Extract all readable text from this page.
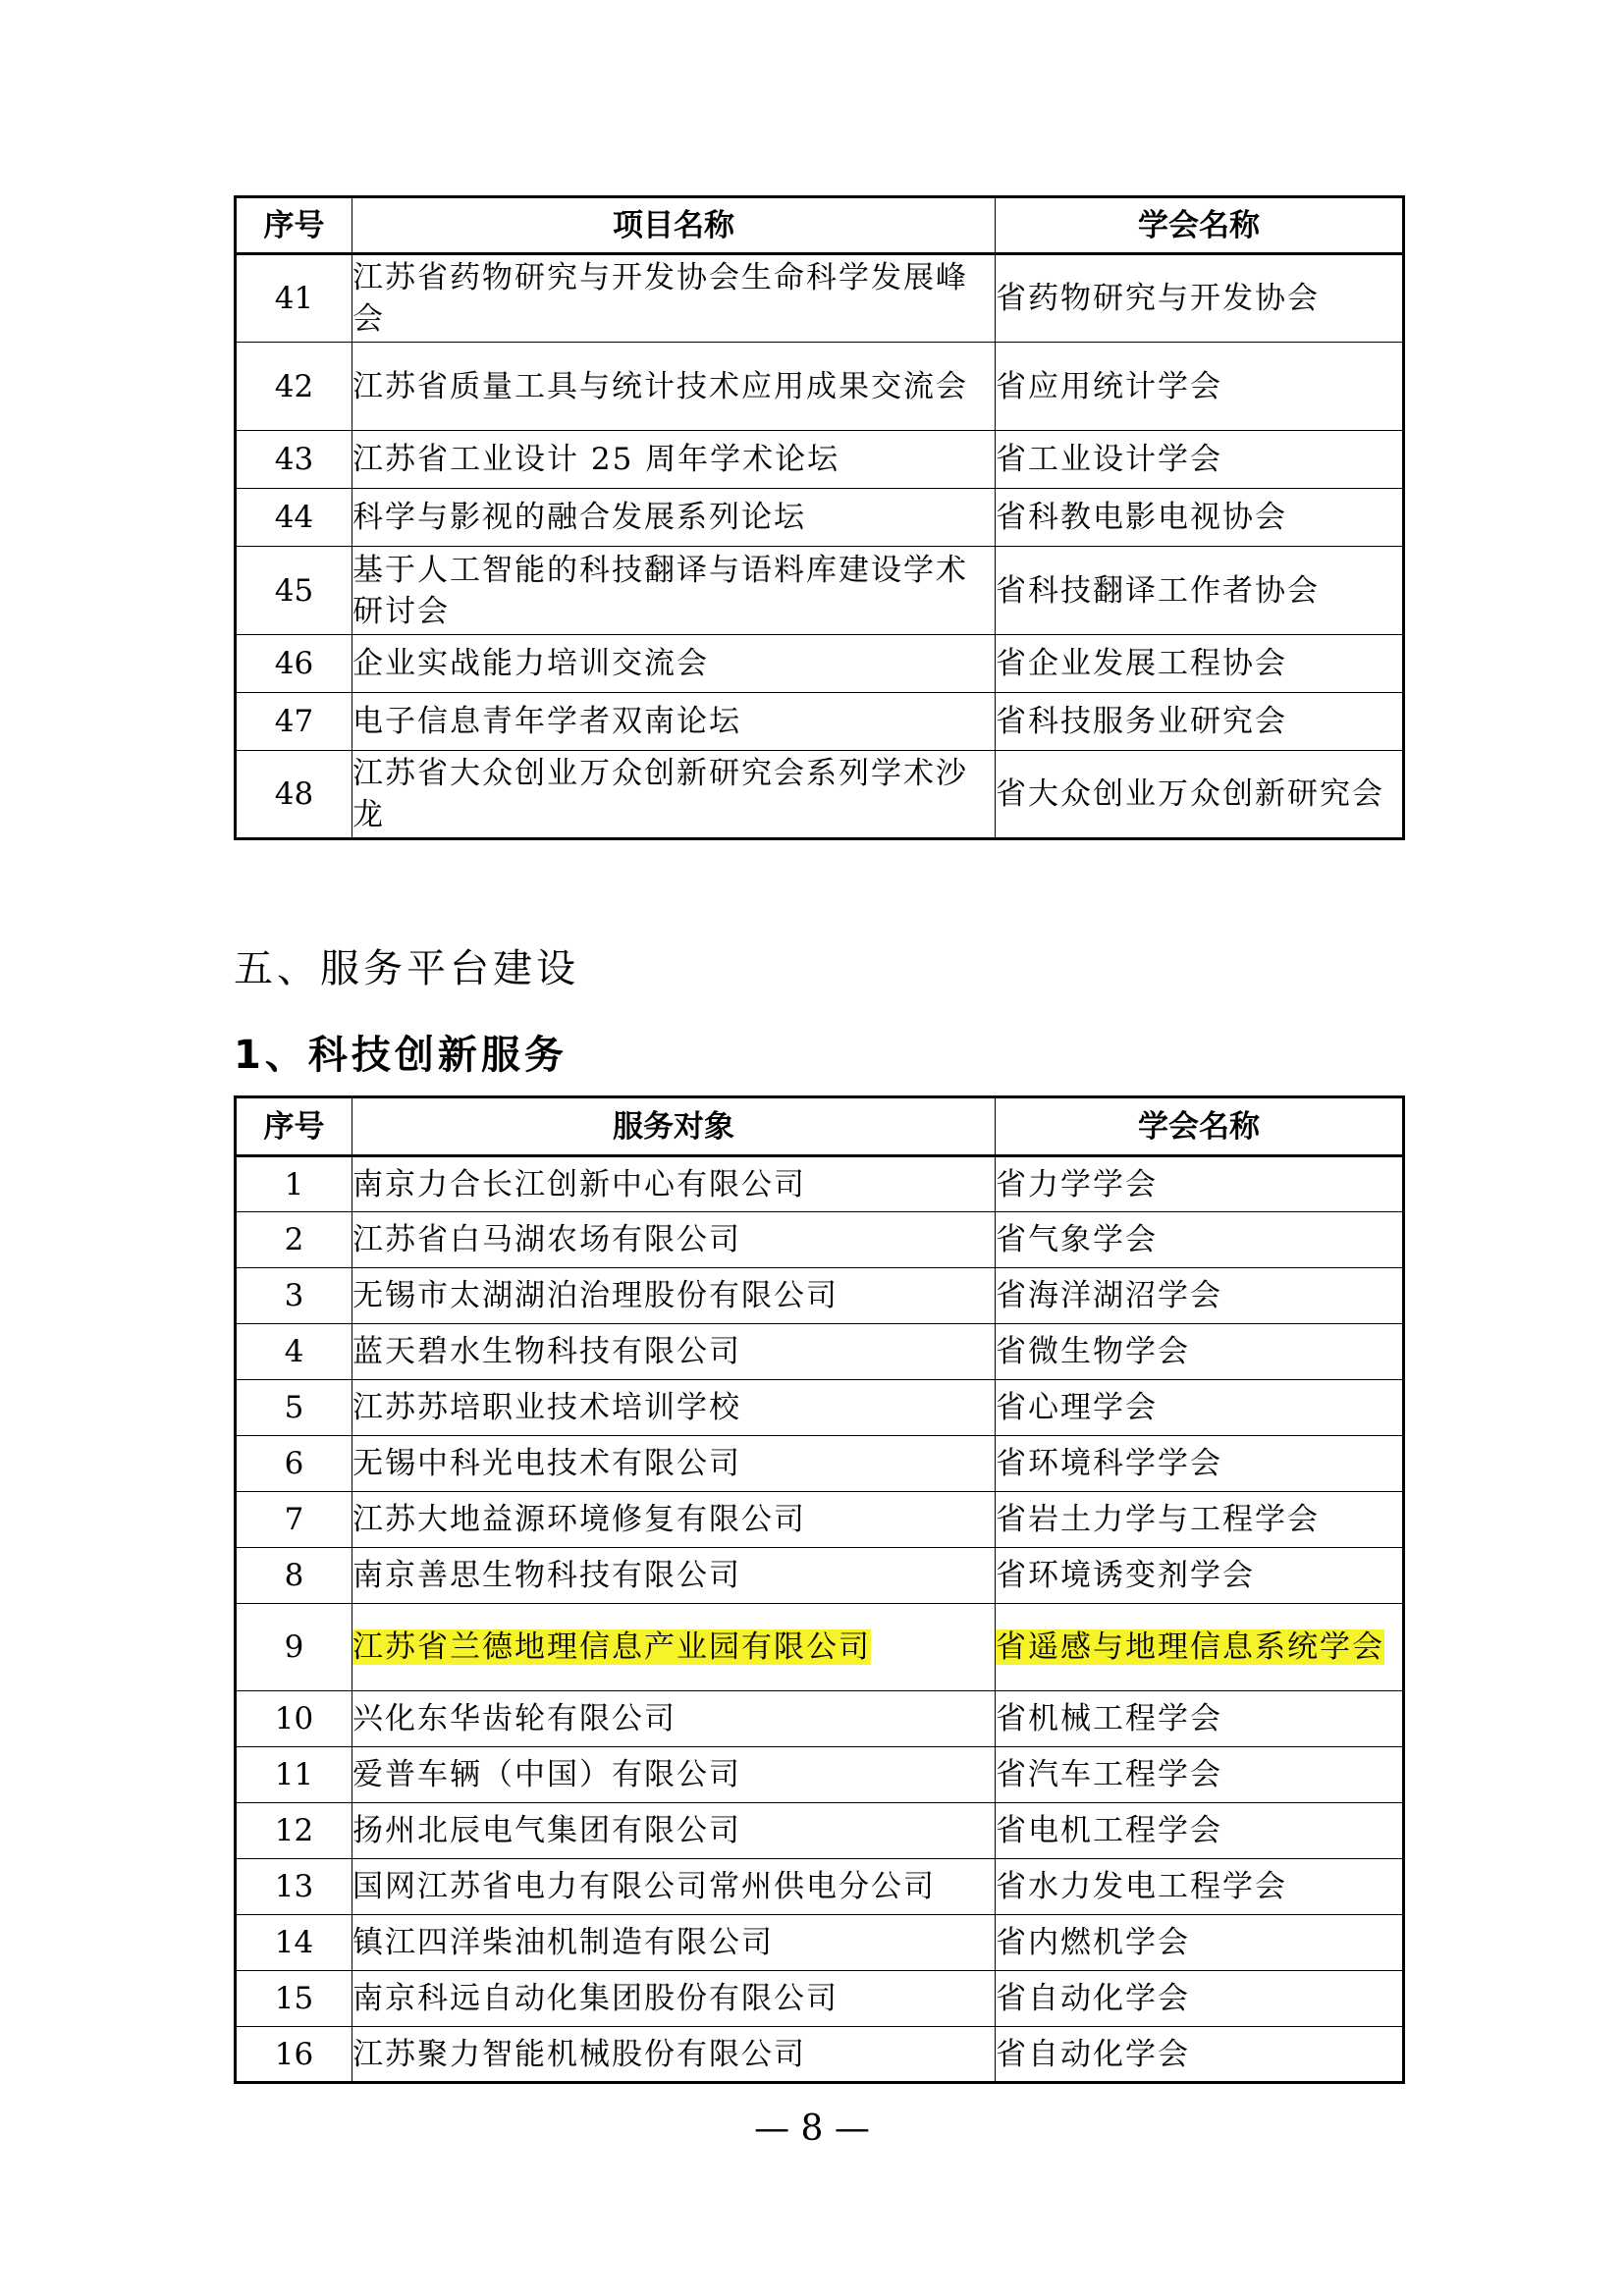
序号	项目名称	学会名称
41	江苏省药物研究与开发协会生命科学发展峰会	省药物研究与开发协会
42	江苏省质量工具与统计技术应用成果交流会	省应用统计学会
43	江苏省工业设计 25 周年学术论坛	省工业设计学会
44	科学与影视的融合发展系列论坛	省科教电影电视协会
45	基于人工智能的科技翻译与语料库建设学术研讨会	省科技翻译工作者协会
46	企业实战能力培训交流会	省企业发展工程协会
47	电子信息青年学者双南论坛	省科技服务业研究会
48	江苏省大众创业万众创新研究会系列学术沙龙	省大众创业万众创新研究会
五、服务平台建设
1、科技创新服务
序号	服务对象	学会名称
1	南京力合长江创新中心有限公司	省力学学会
2	江苏省白马湖农场有限公司	省气象学会
3	无锡市太湖湖泊治理股份有限公司	省海洋湖沼学会
4	蓝天碧水生物科技有限公司	省微生物学会
5	江苏苏培职业技术培训学校	省心理学会
6	无锡中科光电技术有限公司	省环境科学学会
7	江苏大地益源环境修复有限公司	省岩土力学与工程学会
8	南京善思生物科技有限公司	省环境诱变剂学会
9	江苏省兰德地理信息产业园有限公司	省遥感与地理信息系统学会
10	兴化东华齿轮有限公司	省机械工程学会
11	爱普车辆（中国）有限公司	省汽车工程学会
12	扬州北辰电气集团有限公司	省电机工程学会
13	国网江苏省电力有限公司常州供电分公司	省水力发电工程学会
14	镇江四洋柴油机制造有限公司	省内燃机学会
15	南京科远自动化集团股份有限公司	省自动化学会
16	江苏聚力智能机械股份有限公司	省自动化学会
— 8 —
